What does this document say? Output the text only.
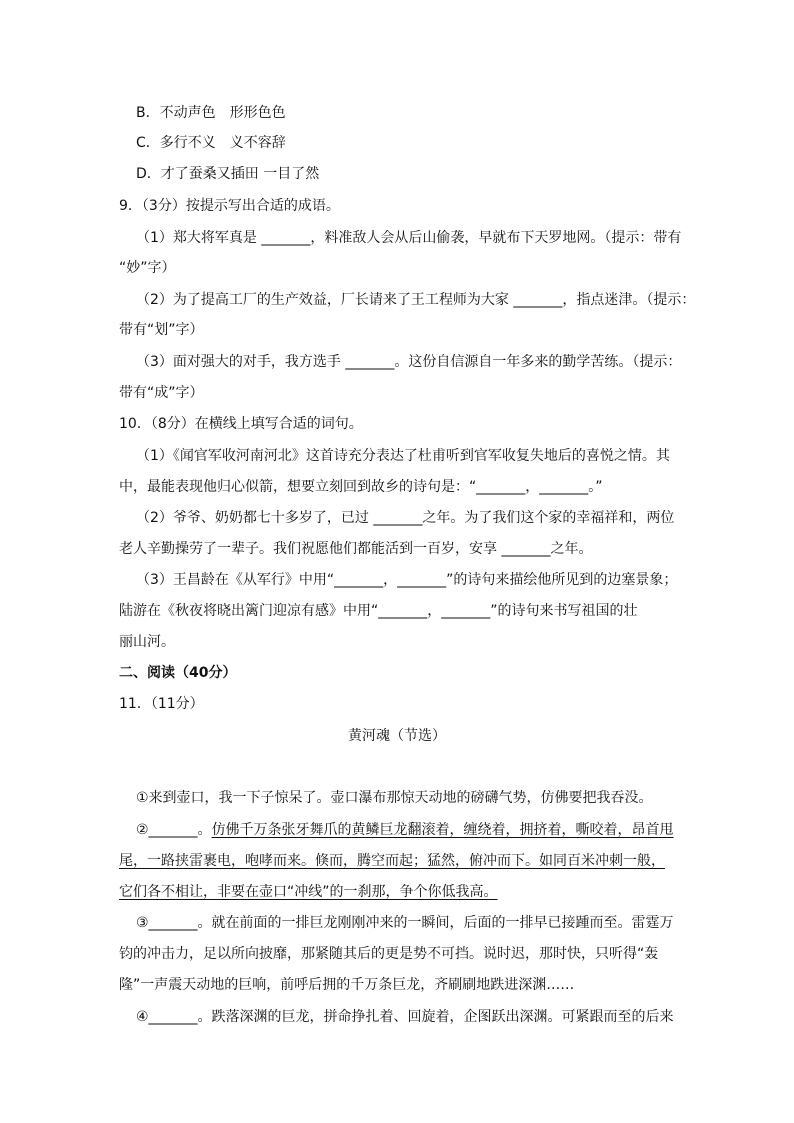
B．不动声色　形形色色
C．多行不义　义不容辞
D．才了蚕桑又插田 一目了然
9．（3分）按提示写出合适的成语。
（1）郑大将军真是 _______，料准敌人会从后山偷袭，早就布下天罗地网。（提示：带有
“妙”字）
（2）为了提高工厂的生产效益，厂长请来了王工程师为大家 _______，指点迷津。（提示：
带有“划”字）
（3）面对强大的对手，我方选手 _______。这份自信源自一年多来的勤学苦练。（提示：
带有“成”字）
10．（8分）在横线上填写合适的词句。
（1）《闻官军收河南河北》这首诗充分表达了杜甫听到官军收复失地后的喜悦之情。其
中，最能表现他归心似箭，想要立刻回到故乡的诗句是：“_______，_______。”
（2）爷爷、奶奶都七十多岁了，已过 _______之年。为了我们这个家的幸福祥和，两位
老人辛勤操劳了一辈子。我们祝愿他们都能活到一百岁，安享 _______之年。
（3）王昌龄在《从军行》中用“_______，_______”的诗句来描绘他所见到的边塞景象；
陆游在《秋夜将晓出篱门迎凉有感》中用“_______，_______”的诗句来书写祖国的壮
丽山河。
二、阅读（40分）
11．（11分）
黄河魂（节选）
①来到壶口，我一下子惊呆了。壶口瀑布那惊天动地的磅礴气势，仿佛要把我吞没。
②_______。仿佛千万条张牙舞爪的黄鳞巨龙翻滚着，缠绕着，拥挤着，嘶咬着，昂首甩
尾，一路挟雷裹电，咆哮而来。倏而，腾空而起；猛然，俯冲而下。如同百米冲刺一般，
它们各不相让，非要在壶口“冲线”的一刹那，争个你低我高。
③_______。就在前面的一排巨龙刚刚冲来的一瞬间，后面的一排早已接踵而至。雷霆万
钧的冲击力，足以所向披靡，那紧随其后的更是势不可挡。说时迟，那时快，只听得“轰
隆”一声震天动地的巨响，前呼后拥的千万条巨龙，齐刷刷地跌进深渊……
④_______。跌落深渊的巨龙，拼命挣扎着、回旋着，企图跃出深渊。可紧跟而至的后来
